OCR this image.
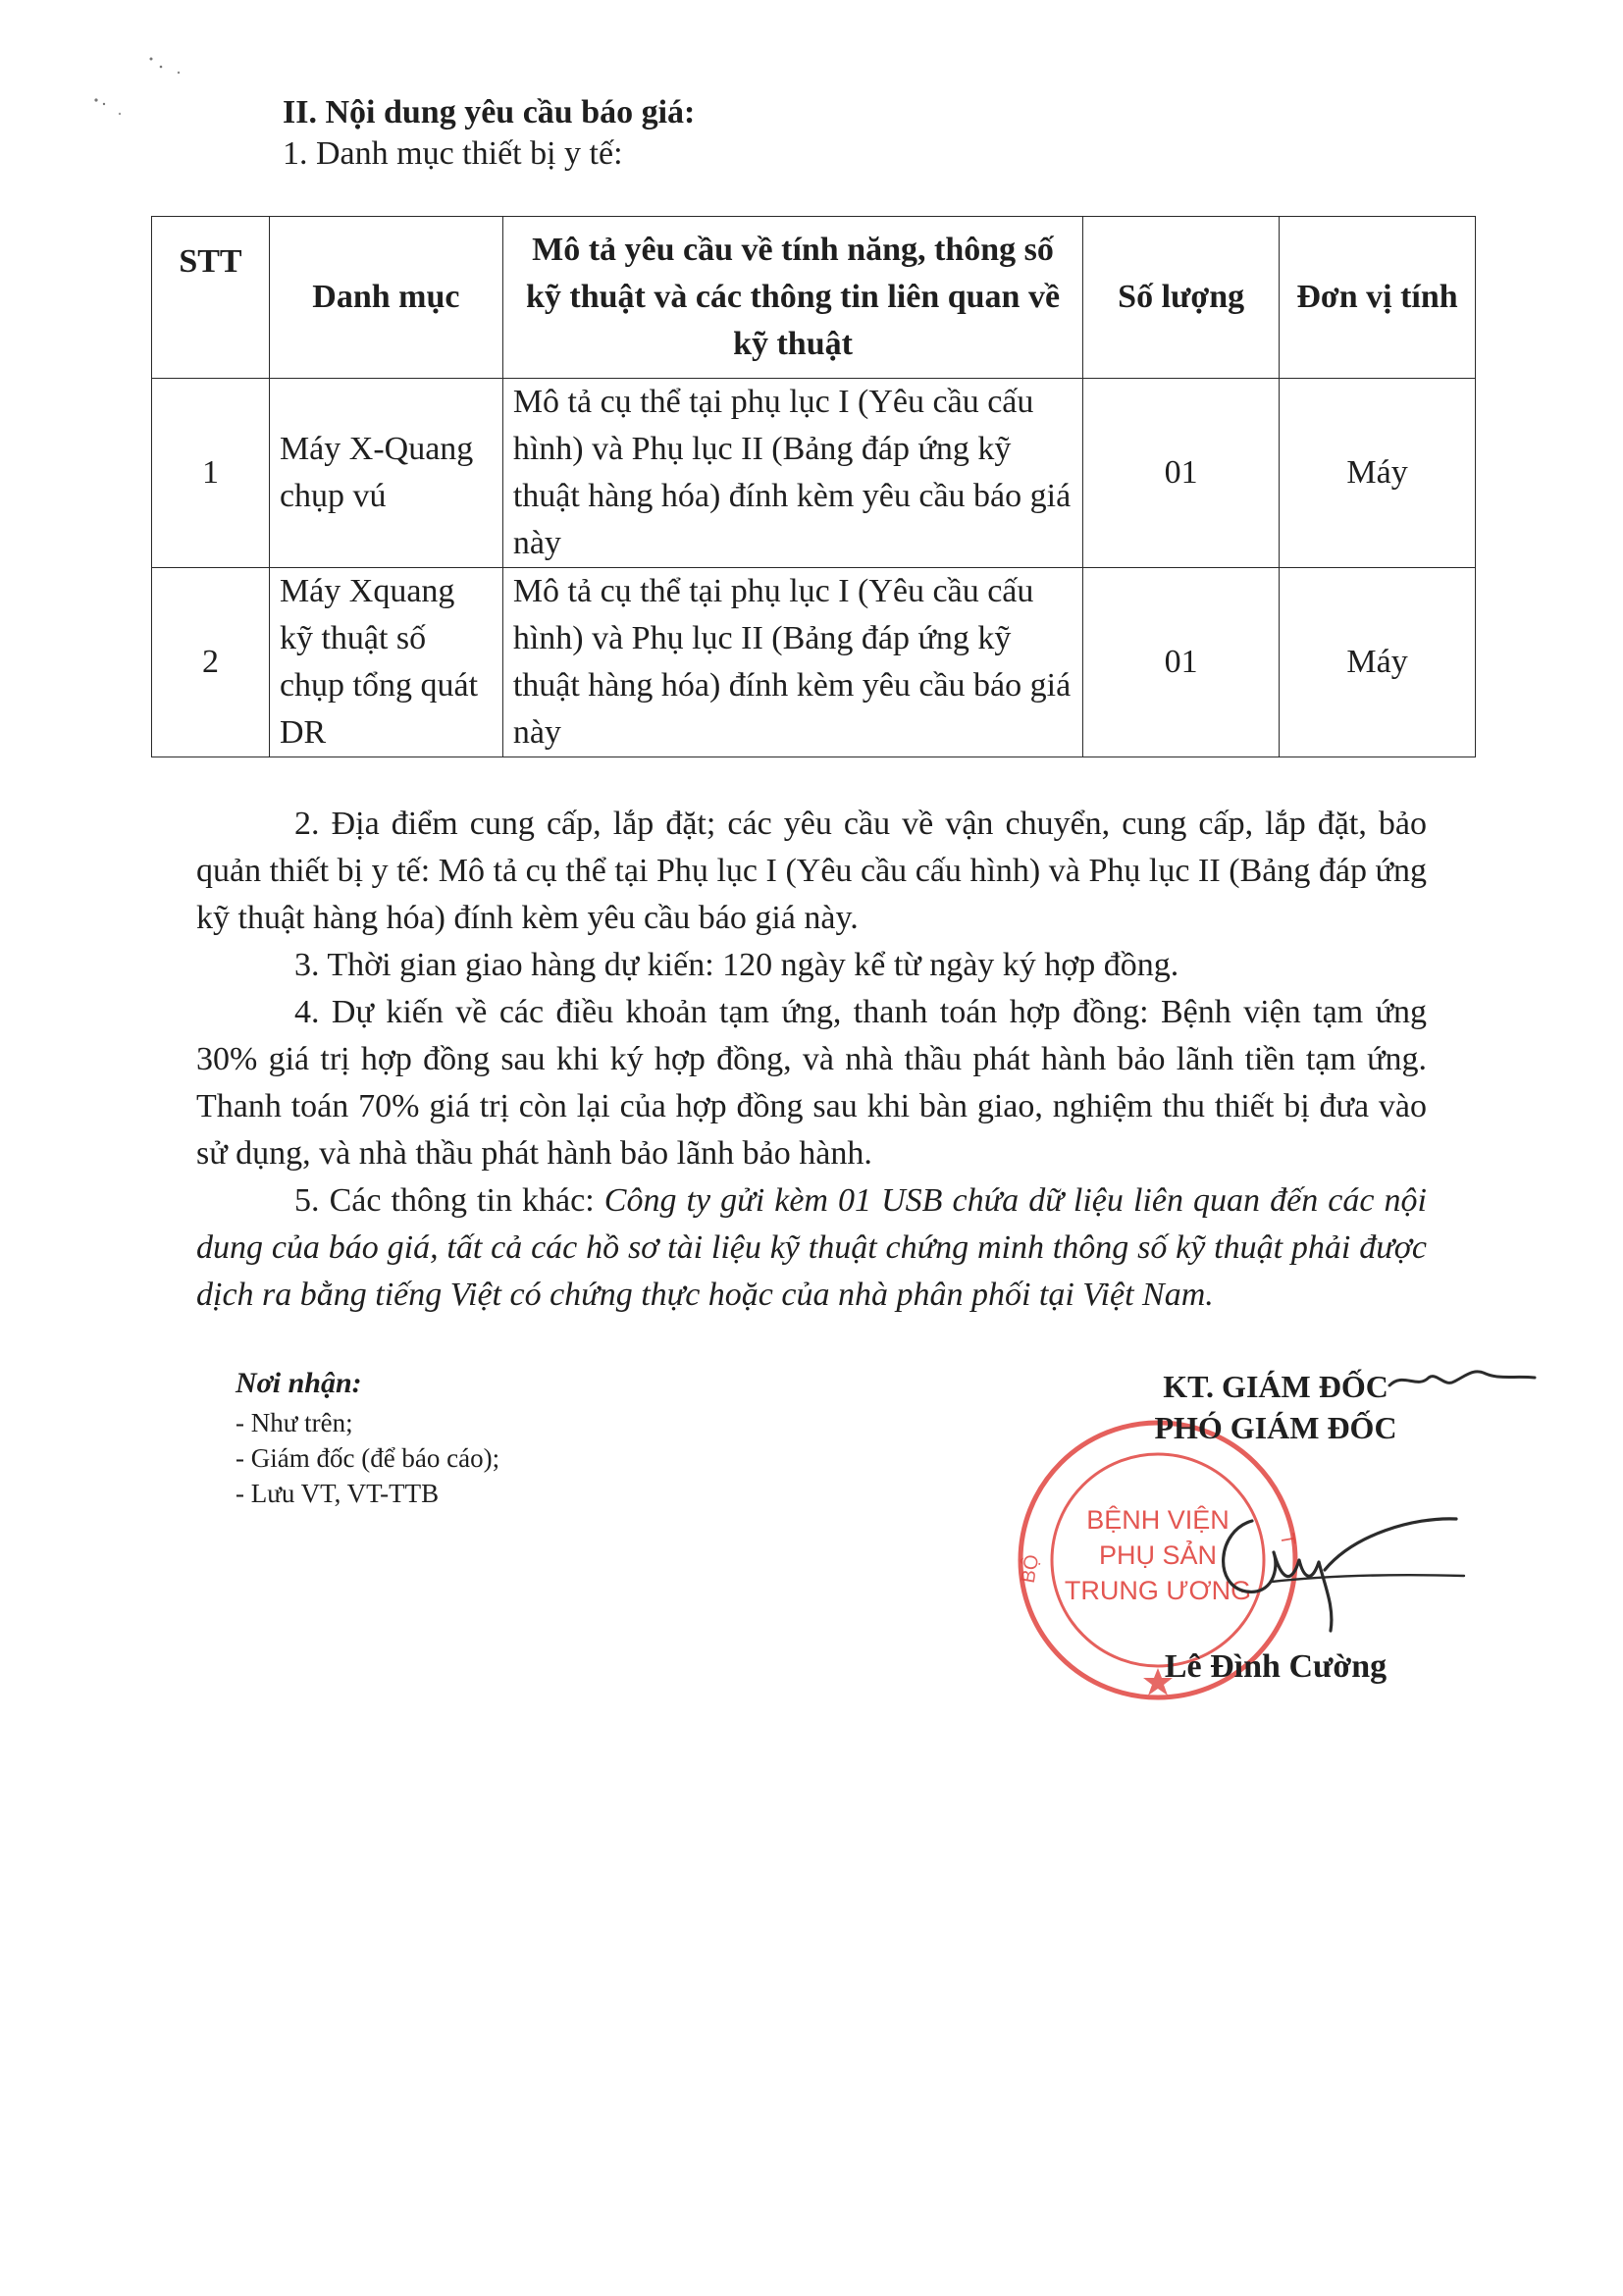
II. Nội dung yêu cầu báo giá:
1. Danh mục thiết bị y tế:
STT	Danh mục	Mô tả yêu cầu về tính năng, thông số kỹ thuật và các thông tin liên quan về kỹ thuật	Số lượng	Đơn vị tính
1	Máy X-Quang chụp vú	Mô tả cụ thể tại phụ lục I (Yêu cầu cấu hình) và Phụ lục II (Bảng đáp ứng kỹ thuật hàng hóa) đính kèm yêu cầu báo giá này	01	Máy
2	Máy Xquang kỹ thuật số chụp tổng quát DR	Mô tả cụ thể tại phụ lục I (Yêu cầu cấu hình) và Phụ lục II (Bảng đáp ứng kỹ thuật hàng hóa) đính kèm yêu cầu báo giá này	01	Máy

2. Địa điểm cung cấp, lắp đặt; các yêu cầu về vận chuyển, cung cấp, lắp đặt, bảo quản thiết bị y tế: Mô tả cụ thể tại Phụ lục I (Yêu cầu cấu hình) và Phụ lục II (Bảng đáp ứng kỹ thuật hàng hóa) đính kèm yêu cầu báo giá này.

3. Thời gian giao hàng dự kiến: 120 ngày kể từ ngày ký hợp đồng.

4. Dự kiến về các điều khoản tạm ứng, thanh toán hợp đồng: Bệnh viện tạm ứng 30% giá trị hợp đồng sau khi ký hợp đồng, và nhà thầu phát hành bảo lãnh tiền tạm ứng. Thanh toán 70% giá trị còn lại của hợp đồng sau khi bàn giao, nghiệm thu thiết bị đưa vào sử dụng, và nhà thầu phát hành bảo lãnh bảo hành.

5. Các thông tin khác: Công ty gửi kèm 01 USB chứa dữ liệu liên quan đến các nội dung của báo giá, tất cả các hồ sơ tài liệu kỹ thuật chứng minh thông số kỹ thuật phải được dịch ra bằng tiếng Việt có chứng thực hoặc của nhà phân phối tại Việt Nam.

Nơi nhận:
- Như trên;
- Giám đốc (để báo cáo);
- Lưu VT, VT-TTB
BỆNH VIỆN
PHỤ SẢN
TRUNG ƯƠNG
BỘ
T
KT. GIÁM ĐỐC
PHÓ GIÁM ĐỐC
Lê Đình Cường
